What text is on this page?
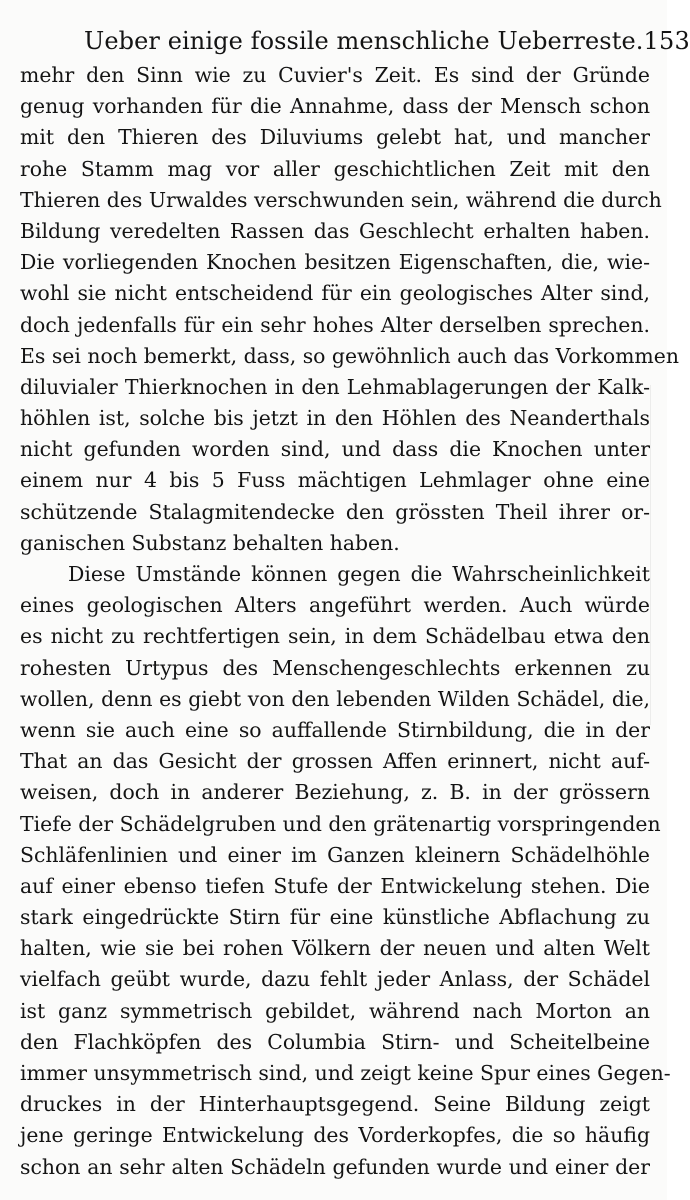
Ueber einige fossile menschliche Ueberreste. 153
mehr den Sinn wie zu Cuvier's Zeit. Es sind der Gründe
genug vorhanden für die Annahme, dass der Mensch schon
mit den Thieren des Diluviums gelebt hat, und mancher
rohe Stamm mag vor aller geschichtlichen Zeit mit den
Thieren des Urwaldes verschwunden sein, während die durch
Bildung veredelten Rassen das Geschlecht erhalten haben.
Die vorliegenden Knochen besitzen Eigenschaften, die, wie-
wohl sie nicht entscheidend für ein geologisches Alter sind,
doch jedenfalls für ein sehr hohes Alter derselben sprechen.
Es sei noch bemerkt, dass, so gewöhnlich auch das Vorkommen
diluvialer Thierknochen in den Lehmablagerungen der Kalk-
höhlen ist, solche bis jetzt in den Höhlen des Neanderthals
nicht gefunden worden sind, und dass die Knochen unter
einem nur 4 bis 5 Fuss mächtigen Lehmlager ohne eine
schützende Stalagmitendecke den grössten Theil ihrer or-
ganischen Substanz behalten haben.
Diese Umstände können gegen die Wahrscheinlichkeit
eines geologischen Alters angeführt werden. Auch würde
es nicht zu rechtfertigen sein, in dem Schädelbau etwa den
rohesten Urtypus des Menschengeschlechts erkennen zu
wollen, denn es giebt von den lebenden Wilden Schädel, die,
wenn sie auch eine so auffallende Stirnbildung, die in der
That an das Gesicht der grossen Affen erinnert, nicht auf-
weisen, doch in anderer Beziehung, z. B. in der grössern
Tiefe der Schädelgruben und den grätenartig vorspringenden
Schläfenlinien und einer im Ganzen kleinern Schädelhöhle
auf einer ebenso tiefen Stufe der Entwickelung stehen. Die
stark eingedrückte Stirn für eine künstliche Abflachung zu
halten, wie sie bei rohen Völkern der neuen und alten Welt
vielfach geübt wurde, dazu fehlt jeder Anlass, der Schädel
ist ganz symmetrisch gebildet, während nach Morton an
den Flachköpfen des Columbia Stirn- und Scheitelbeine
immer unsymmetrisch sind, und zeigt keine Spur eines Gegen-
druckes in der Hinterhauptsgegend. Seine Bildung zeigt
jene geringe Entwickelung des Vorderkopfes, die so häufig
schon an sehr alten Schädeln gefunden wurde und einer der
